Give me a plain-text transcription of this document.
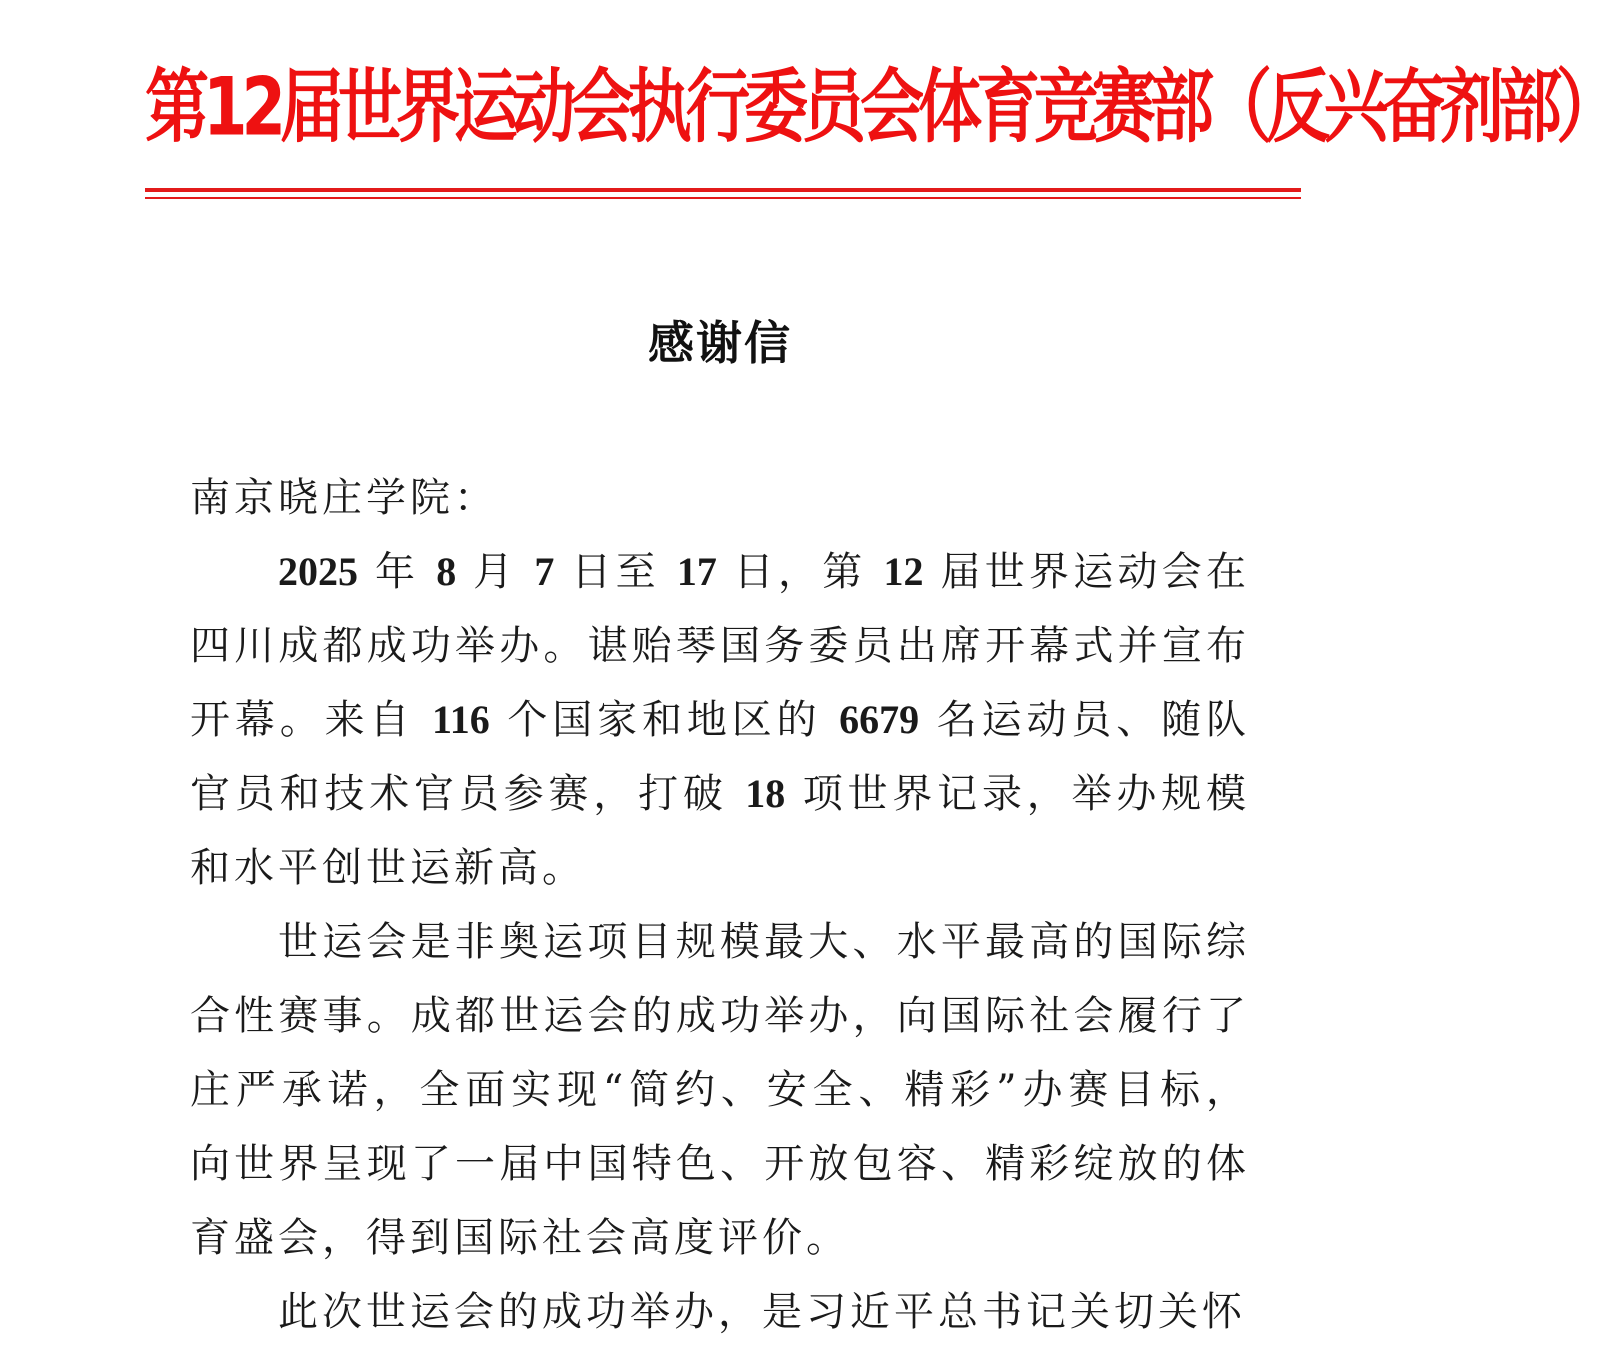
第12届世界运动会执行委员会体育竞赛部（反兴奋剂部）
感谢信

南京晓庄学院：

2025 年 8 月 7 日至 17 日，第 12 届世界运动会在四川成都成功举办。谌贻琴国务委员出席开幕式并宣布开幕。来自 116 个国家和地区的 6679 名运动员、随队官员和技术官员参赛，打破 18 项世界记录，举办规模和水平创世运新高。

世运会是非奥运项目规模最大、水平最高的国际综合性赛事。成都世运会的成功举办，向国际社会履行了庄严承诺，全面实现“简约、安全、精彩”办赛目标，向世界呈现了一届中国特色、开放包容、精彩绽放的体育盛会，得到国际社会高度评价。

此次世运会的成功举办，是习近平总书记关切关怀
